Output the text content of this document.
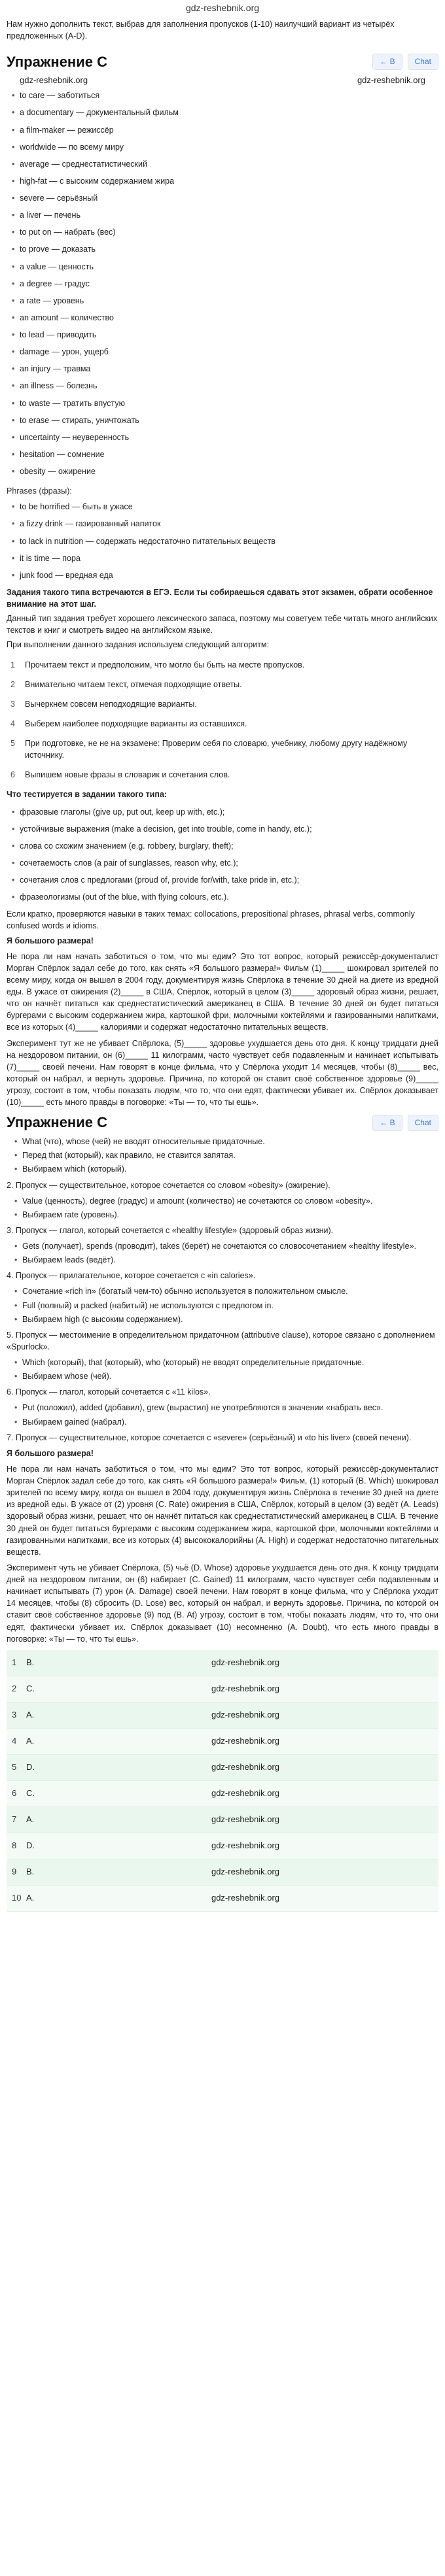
gdz-reshebnik.org

Нам нужно дополнить текст, выбрав для заполнения пропусков (1-10) наилучший вариант из четырёх предложенных (A-D).

Упражнение C	← В	Chat
gdz-reshebnik.org	gdz-reshebnik.org
• to care — заботиться
• a documentary — документальный фильм
• a film-maker — режиссёр
• worldwide — по всему миру
• average — среднестатистический
• high-fat — с высоким содержанием жира
• severe — серьёзный
• a liver — печень
• to put on — набрать (вес)
• to prove — доказать
• a value — ценность
• a degree — градус
• a rate — уровень
• an amount — количество
• to lead — приводить
• damage — урон, ущерб
• an injury — травма
• an illness — болезнь
• to waste — тратить впустую
• to erase — стирать, уничтожать
• uncertainty — неуверенность
• hesitation — сомнение
• obesity — ожирение
Phrases (фразы):
• to be horrified — быть в ужасе
• a fizzy drink — газированный напиток
• to lack in nutrition — содержать недостаточно питательных веществ
• it is time — пора
• junk food — вредная еда

Задания такого типа встречаются в ЕГЭ. Если ты собираешься сдавать этот экзамен, обрати особенное внимание на этот шаг.

Данный тип задания требует хорошего лексического запаса, поэтому мы советуем тебе читать много английских текстов и книг и смотреть видео на английском языке.

При выполнении данного задания используем следующий алгоритм:

1 Прочитаем текст и предположим, что могло бы быть на месте пропусков.
2 Внимательно читаем текст, отмечая подходящие ответы.
3 Вычеркнем совсем неподходящие варианты.
4 Выберем наиболее подходящие варианты из оставшихся.
5 При подготовке, не не на экзамене: Проверим себя по словарю, учебнику, любому другу надёжному источнику.
6 Выпишем новые фразы в словарик и сочетания слов.

Что тестируется в задании такого типа:

• фразовые глаголы (give up, put out, keep up with, etc.);
• устойчивые выражения (make a decision, get into trouble, come in handy, etc.);
• слова со схожим значением (e.g. robbery, burglary, theft);
• сочетаемость слов (a pair of sunglasses, reason why, etc.);
• сочетания слов с предлогами (proud of, provide for/with, take pride in, etc.);
• фразеологизмы (out of the blue, with flying colours, etc.).

Если кратко, проверяются навыки в таких темах: collocations, prepositional phrases, phrasal verbs, commonly confused words и idioms.

Я большого размера!

Не пора ли нам начать заботиться о том, что мы едим? Это тот вопрос, который режиссёр-документалист Морган Спёрлок задал себе до того, как снять «Я большого размера!» Фильм (1)_____ шокировал зрителей по всему миру, когда он вышел в 2004 году, документируя жизнь Спёрлока в течение 30 дней на диете из вредной еды. В ужасе от ожирения (2)_____ в США, Спёрлок, который в целом (3)_____ здоровый образ жизни, решает, что он начнёт питаться как среднестатистический американец в США. В течение 30 дней он будет питаться бургерами с высоким содержанием жира, картошкой фри, молочными коктейлями и газированными напитками, все из которых (4)_____ калориями и содержат недостаточно питательных веществ.

Эксперимент тут же не убивает Спёрлока, (5)_____ здоровье ухудшается день ото дня. К концу тридцати дней на нездоровом питании, он (6)_____ 11 килограмм, часто чувствует себя подавленным и начинает испытывать (7)_____ своей печени. Нам говорят в конце фильма, что у Спёрлока уходит 14 месяцев, чтобы (8)_____ вес, который он набрал, и вернуть здоровье. Причина, по которой он ставит своё собственное здоровье (9)_____ угрозу, состоит в том, чтобы показать людям, что то, что они едят, фактически убивает их. Спёрлок доказывает (10)_____ есть много правды в поговорке: «Ты — то, что ты ешь».

Упражнение C	← В	Chat
• What (что), whose (чей) не вводят относительные придаточные.
• Перед that (который), как правило, не ставится запятая.
• Выбираем which (который).
2. Пропуск — существительное, которое сочетается со словом «obesity» (ожирение).
• Value (ценность), degree (градус) и amount (количество) не сочетаются со словом «obesity».
• Выбираем rate (уровень).
3. Пропуск — глагол, который сочетается с «healthy lifestyle» (здоровый образ жизни).
• Gets (получает), spends (проводит), takes (берёт) не сочетаются со словосочетанием «healthy lifestyle».
• Выбираем leads (ведёт).
4. Пропуск — прилагательное, которое сочетается с «in calories».
• Сочетание «rich in» (богатый чем-то) обычно используется в положительном смысле.
• Full (полный) и packed (набитый) не используются с предлогом in.
• Выбираем high (с высоким содержанием).
5. Пропуск — местоимение в определительном придаточном (attributive clause), которое связано с дополнением «Spurlock».
• Which (который), that (который), who (который) не вводят определительные придаточные.
• Выбираем whose (чей).
6. Пропуск — глагол, который сочетается с «11 kilos».
• Put (положил), added (добавил), grew (вырастил) не употребляются в значении «набрать вес».
• Выбираем gained (набрал).
7. Пропуск — существительное, которое сочетается с «severe» (серьёзный) и «to his liver» (своей печени).

Я большого размера!

Не пора ли нам начать заботиться о том, что мы едим? Это тот вопрос, который режиссёр-документалист Морган Спёрлок задал себе до того, как снять «Я большого размера!» Фильм, (1) который (B. Which) шокировал зрителей по всему миру, когда он вышел в 2004 году, документируя жизнь Спёрлока в течение 30 дней на диете из вредной еды. В ужасе от (2) уровня (C. Rate) ожирения в США, Спёрлок, который в целом (3) ведёт (A. Leads) здоровый образ жизни, решает, что он начнёт питаться как среднестатистический американец в США. В течение 30 дней он будет питаться бургерами с высоким содержанием жира, картошкой фри, молочными коктейлями и газированными напитками, все из которых (4) высококалорийны (A. High) и содержат недостаточно питательных веществ.

Эксперимент чуть не убивает Спёрлока, (5) чьё (D. Whose) здоровье ухудшается день ото дня. К концу тридцати дней на нездоровом питании, он (6) набирает (C. Gained) 11 килограмм, часто чувствует себя подавленным и начинает испытывать (7) урон (A. Damage) своей печени. Нам говорят в конце фильма, что у Спёрлока уходит 14 месяцев, чтобы (8) сбросить (D. Lose) вес, который он набрал, и вернуть здоровье. Причина, по которой он ставит своё собственное здоровье (9) под (B. At) угрозу, состоит в том, чтобы показать людям, что то, что они едят, фактически убивает их. Спёрлок доказывает (10) несомненно (A. Doubt), что есть много правды в поговорке: «Ты — то, что ты ешь».

1	B.	gdz-reshebnik.org
2	C.	gdz-reshebnik.org
3	A.	gdz-reshebnik.org
4	A.	gdz-reshebnik.org
5	D.	gdz-reshebnik.org
6	C.	gdz-reshebnik.org
7	A.	gdz-reshebnik.org
8	D.	gdz-reshebnik.org
9	B.	gdz-reshebnik.org
10 A.	gdz-reshebnik.org
